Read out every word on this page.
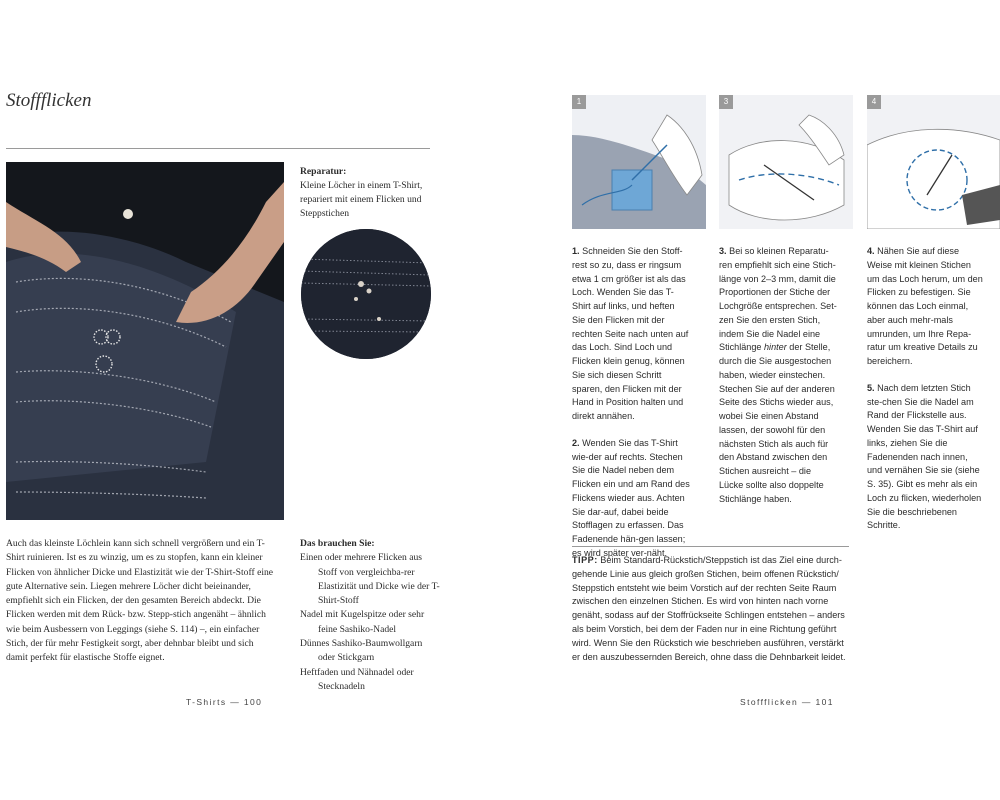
Stoffflicken
Reparatur:
Kleine Löcher in einem T-Shirt, repariert mit einem Flicken und Steppstichen
Auch das kleinste Löchlein kann sich schnell vergrößern und ein T-Shirt ruinieren. Ist es zu winzig, um es zu stopfen, kann ein kleiner Flicken von ähnlicher Dicke und Elastizität wie der T-Shirt-Stoff eine gute Alternative sein. Liegen mehrere Löcher dicht beieinander, empfiehlt sich ein Flicken, der den gesamten Bereich abdeckt. Die Flicken werden mit dem Rück- bzw. Stepp-stich angenäht – ähnlich wie beim Ausbessern von Leggings (siehe S. 114) –, ein einfacher Stich, der für mehr Festigkeit sorgt, aber dehnbar bleibt und sich damit perfekt für elastische Stoffe eignet.
Das brauchen Sie:
Einen oder mehrere Flicken aus Stoff von vergleichba-rer Elastizität und Dicke wie der T-Shirt-Stoff
Nadel mit Kugelspitze oder sehr feine Sashiko-Nadel
Dünnes Sashiko-Baumwollgarn oder Stickgarn
Heftfaden und Nähnadel oder Stecknadeln
T-Shirts — 100
1	3	4

1. Schneiden Sie den Stoff-rest so zu, dass er ringsum etwa 1 cm größer ist als das Loch. Wenden Sie das T-Shirt auf links, und heften Sie den Flicken mit der rechten Seite nach unten auf das Loch. Sind Loch und Flicken klein genug, können Sie sich diesen Schritt sparen, den Flicken mit der Hand in Position halten und direkt annähen.

2. Wenden Sie das T-Shirt wie-der auf rechts. Stechen Sie die Nadel neben dem Flicken ein und am Rand des Flickens wieder aus. Achten Sie dar-auf, dabei beide Stofflagen zu erfassen. Das Fadenende hän-gen lassen; es wird später ver-näht.

3. Bei so kleinen Reparatu-ren empfiehlt sich eine Stich-länge von 2–3 mm, damit die Proportionen der Stiche der Lochgröße entsprechen. Set-zen Sie den ersten Stich, indem Sie die Nadel eine Stichlänge hinter der Stelle, durch die Sie ausgestochen haben, wieder einstechen. Stechen Sie auf der anderen Seite des Stichs wieder aus, wobei Sie einen Abstand lassen, der sowohl für den nächsten Stich als auch für den Abstand zwischen den Stichen ausreicht – die Lücke sollte also doppelte Stichlänge haben.

4. Nähen Sie auf diese Weise mit kleinen Stichen um das Loch herum, um den Flicken zu befestigen. Sie können das Loch einmal, aber auch mehr-mals umrunden, um Ihre Repa-ratur um kreative Details zu bereichern.

5. Nach dem letzten Stich ste-chen Sie die Nadel am Rand der Flickstelle aus. Wenden Sie das T-Shirt auf links, ziehen Sie die Fadenenden nach innen, und vernähen Sie sie (siehe S. 35). Gibt es mehr als ein Loch zu flicken, wiederholen Sie die beschriebenen Schritte.

TIPP: Beim Standard-Rückstich/Steppstich ist das Ziel eine durch-gehende Linie aus gleich großen Stichen, beim offenen Rückstich/ Steppstich entsteht wie beim Vorstich auf der rechten Seite Raum zwischen den einzelnen Stichen. Es wird von hinten nach vorne genäht, sodass auf der Stoffrückseite Schlingen entstehen – anders als beim Vorstich, bei dem der Faden nur in eine Richtung geführt wird. Wenn Sie den Rückstich wie beschrieben ausführen, verstärkt er den auszubessernden Bereich, ohne dass die Dehnbarkeit leidet.
Stoffflicken — 101
